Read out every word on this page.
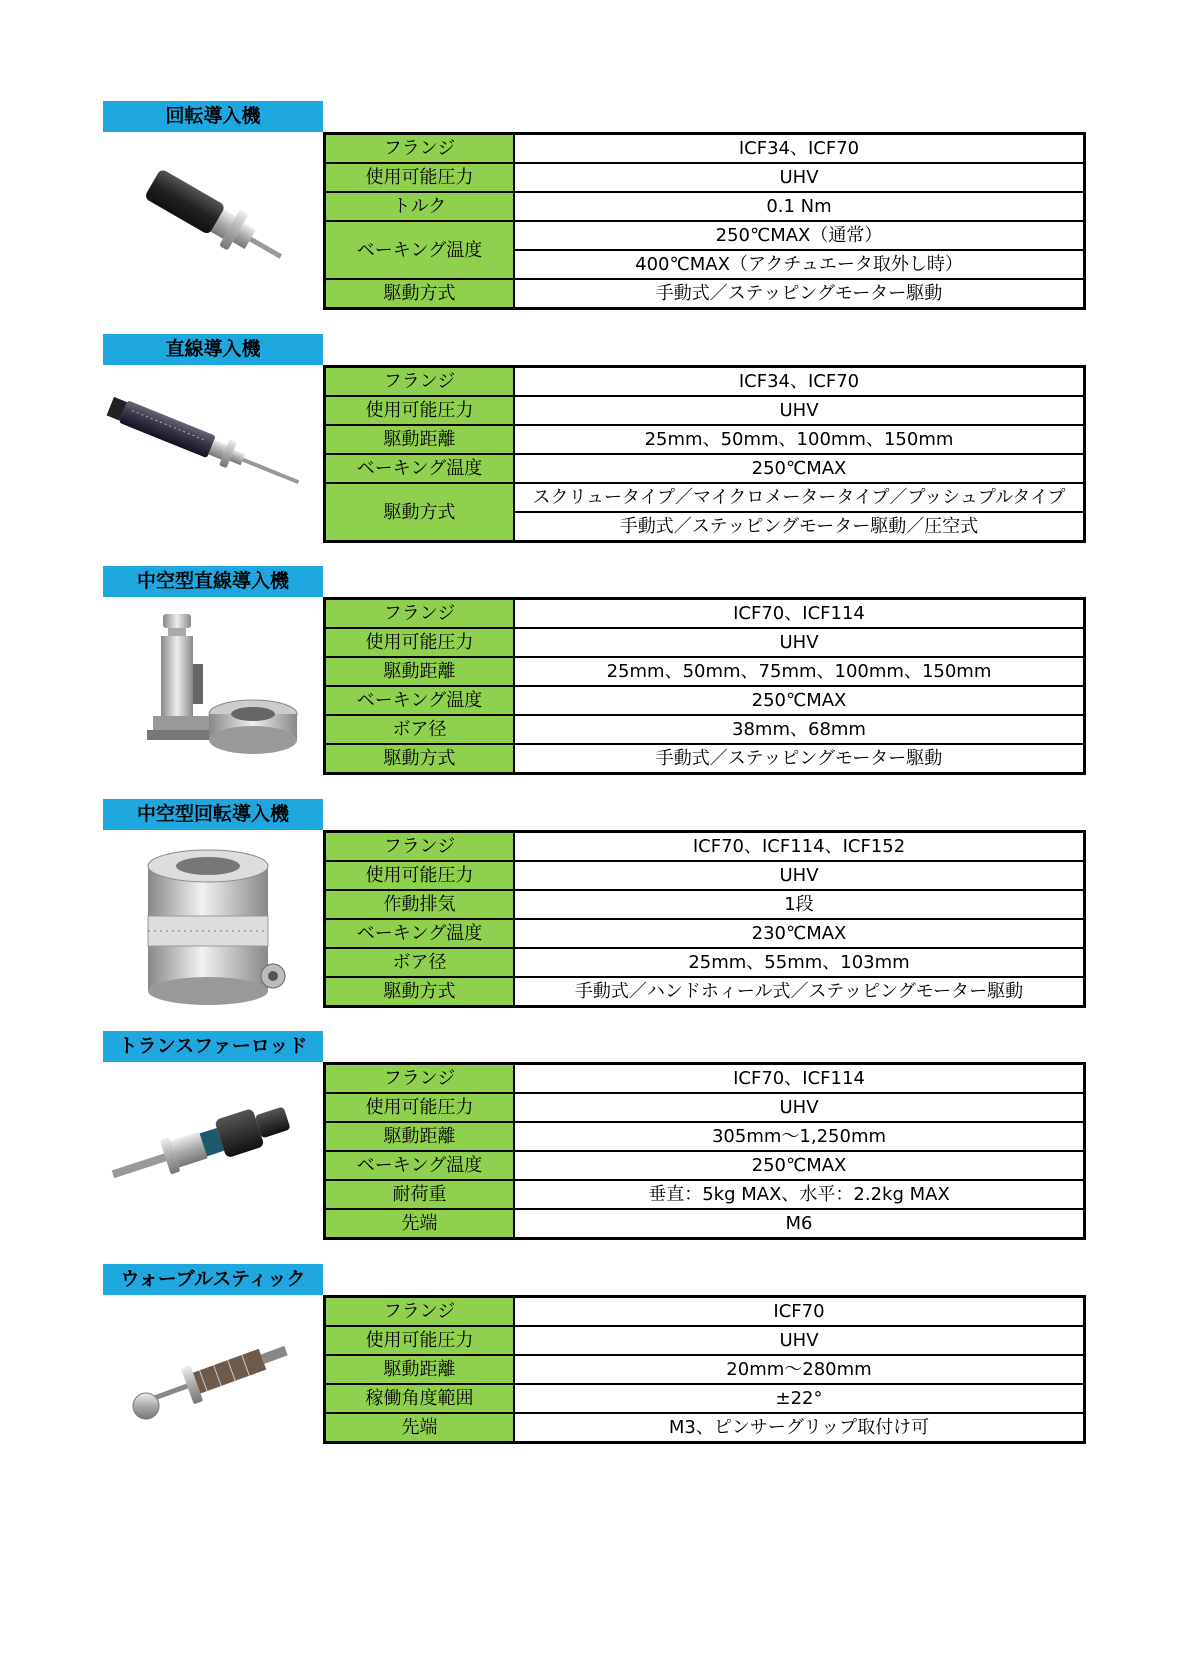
回転導入機
フランジ	ICF34、ICF70
使用可能圧力	UHV
トルク	0.1 Nm
ベーキング温度	250℃MAX（通常）
	400℃MAX（アクチュエータ取外し時）
駆動方式	手動式／ステッピングモーター駆動
直線導入機
フランジ	ICF34、ICF70
使用可能圧力	UHV
駆動距離	25mm、50mm、100mm、150mm
ベーキング温度	250℃MAX
駆動方式	スクリュータイプ／マイクロメータータイプ／プッシュプルタイプ
	手動式／ステッピングモーター駆動／圧空式
中空型直線導入機
フランジ	ICF70、ICF114
使用可能圧力	UHV
駆動距離	25mm、50mm、75mm、100mm、150mm
ベーキング温度	250℃MAX
ボア径	38mm、68mm
駆動方式	手動式／ステッピングモーター駆動
中空型回転導入機
フランジ	ICF70、ICF114、ICF152
使用可能圧力	UHV
作動排気	1段
ベーキング温度	230℃MAX
ボア径	25mm、55mm、103mm
駆動方式	手動式／ハンドホィール式／ステッピングモーター駆動
トランスファーロッド
フランジ	ICF70、ICF114
使用可能圧力	UHV
駆動距離	305mm～1,250mm
ベーキング温度	250℃MAX
耐荷重	垂直：5kg MAX、水平：2.2kg MAX
先端	M6
ウォーブルスティック
フランジ	ICF70
使用可能圧力	UHV
駆動距離	20mm～280mm
稼働角度範囲	±22°
先端	M3、ピンサーグリップ取付け可
